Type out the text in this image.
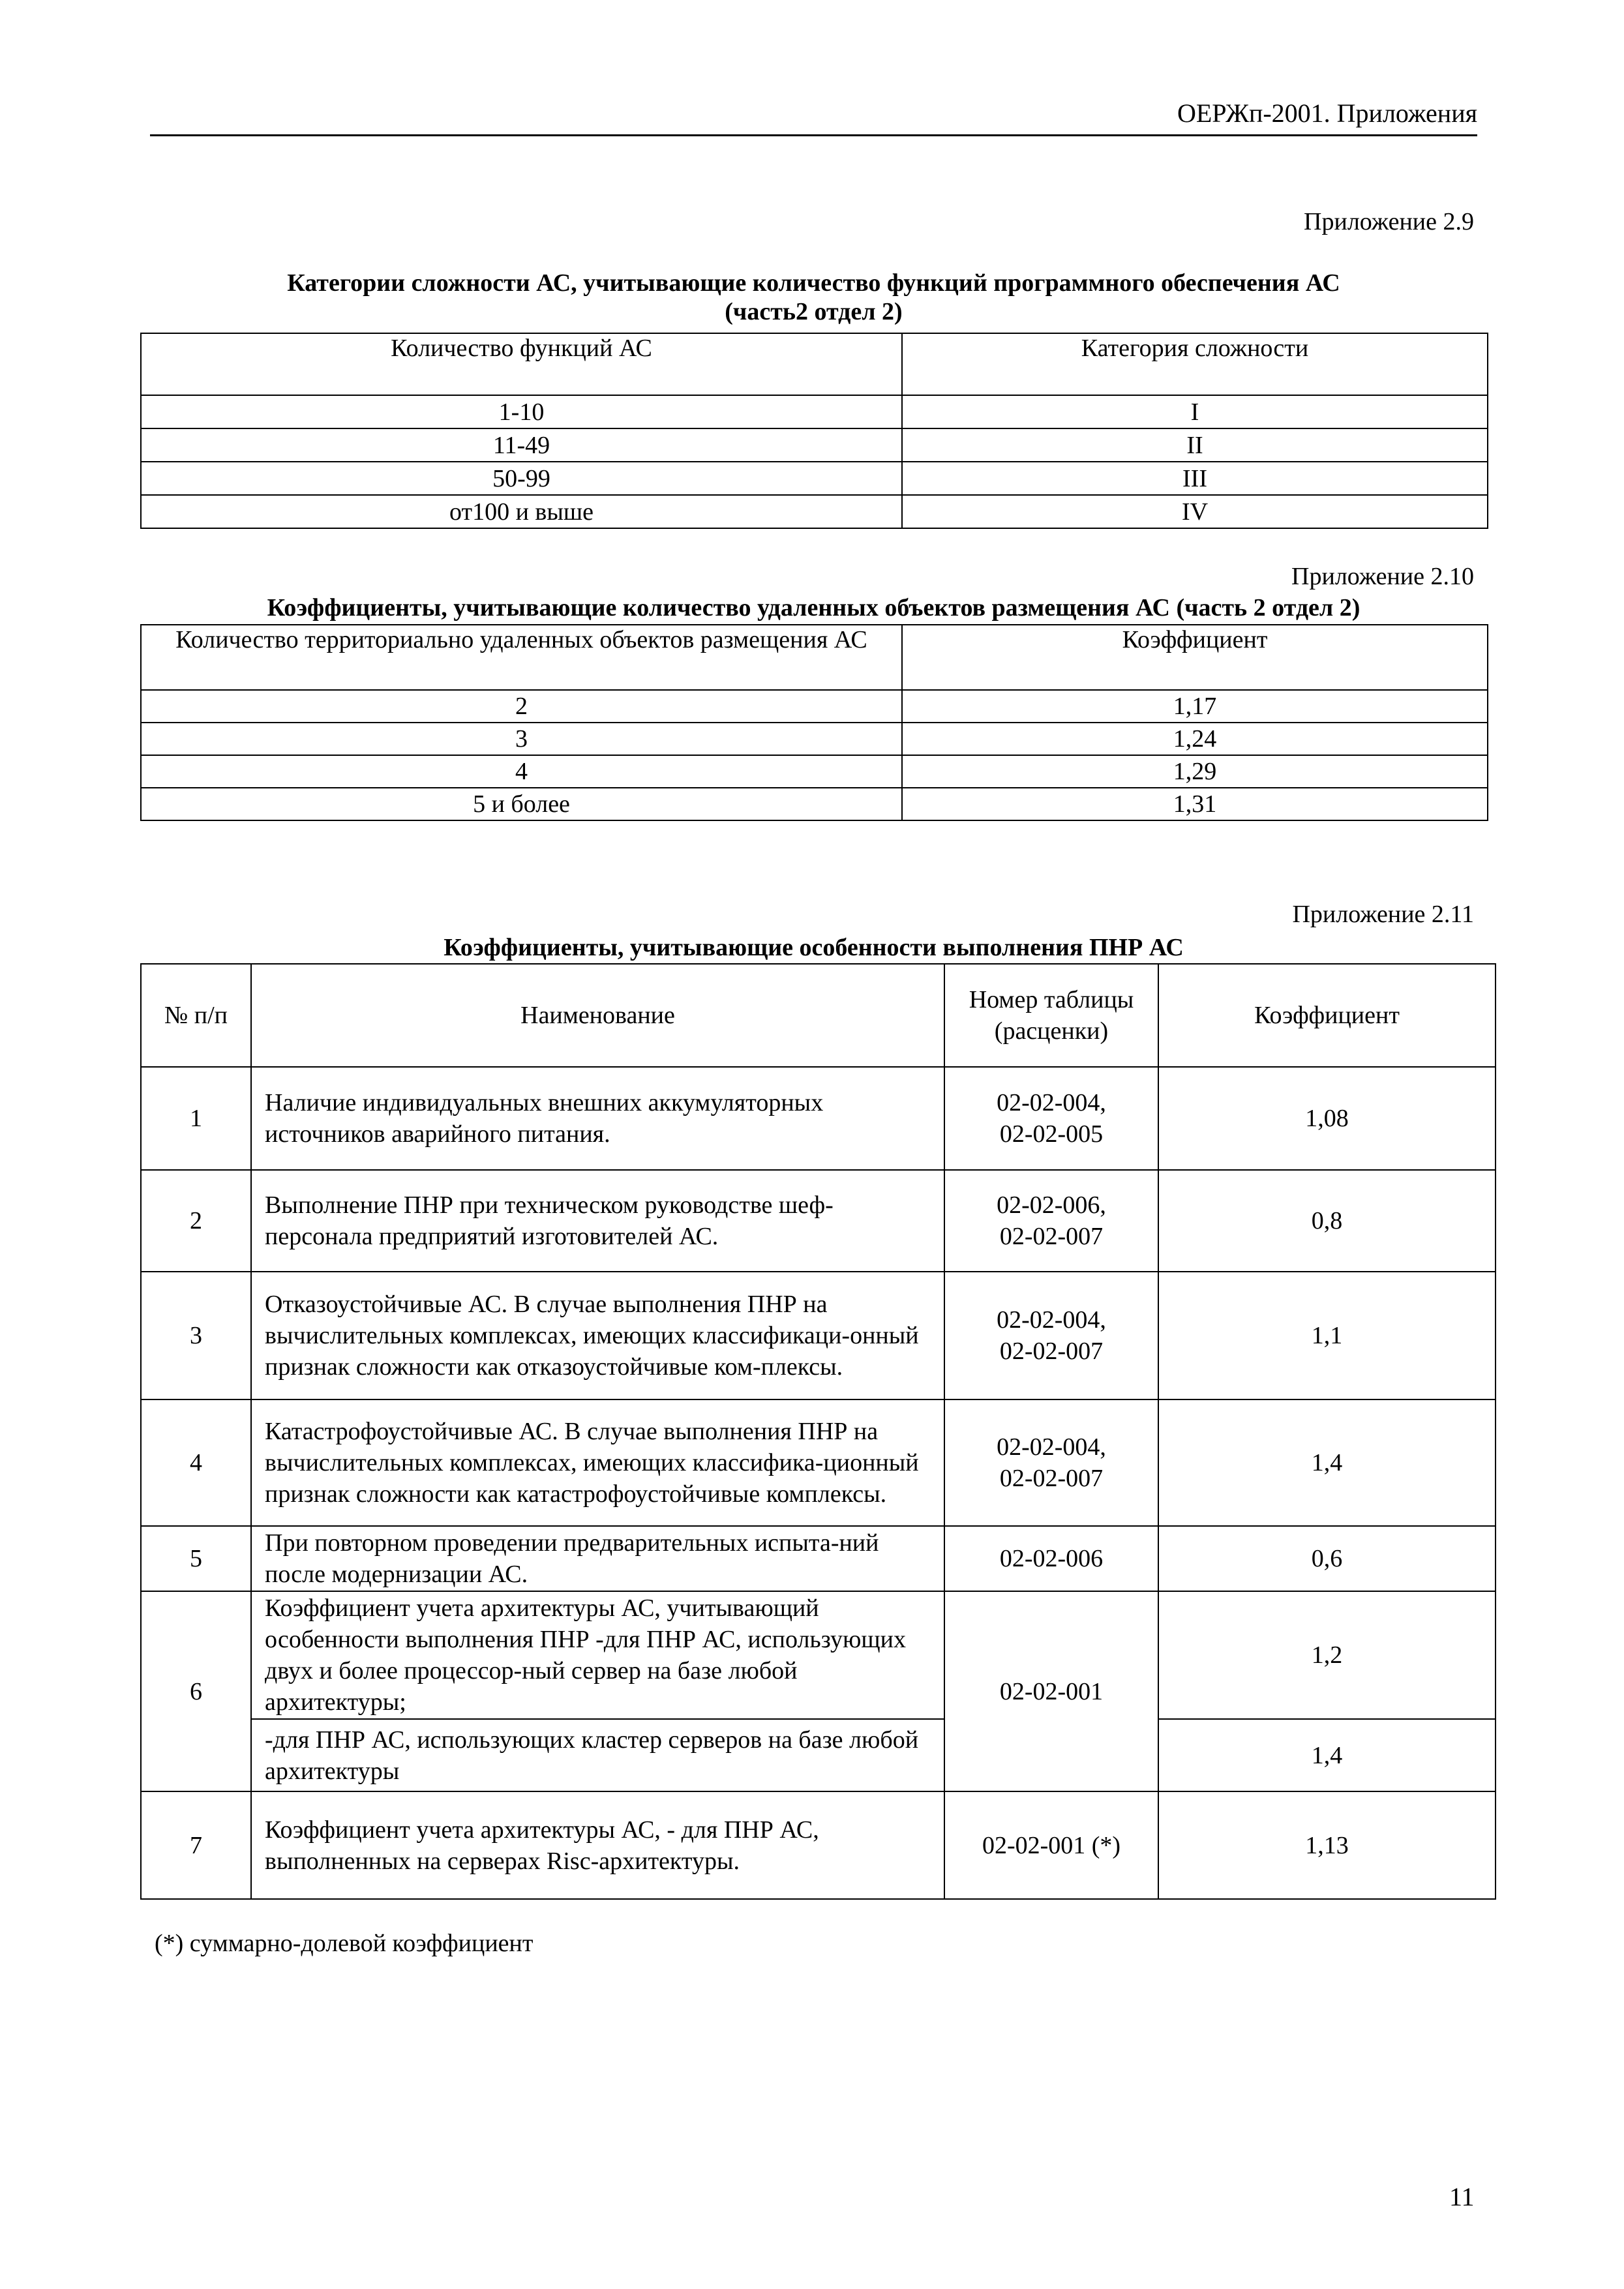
ОЕРЖп-2001. Приложения
Приложение 2.9
Категории сложности АС, учитывающие количество функций программного обеспечения АС
(часть2 отдел 2)
Количество функций АС	Категория сложности
1-10	I
11-49	II
50-99	III
от100 и выше	IV
Приложение 2.10
Коэффициенты, учитывающие количество удаленных объектов размещения АС (часть 2 отдел 2)
Количество территориально удаленных объектов размещения АС	Коэффициент
2	1,17
3	1,24
4	1,29
5 и более	1,31
Приложение 2.11
Коэффициенты, учитывающие особенности выполнения ПНР АС
№ п/п	Наименование	Номер таблицы (расценки)	Коэффициент
1	Наличие индивидуальных внешних аккумуляторных источников аварийного питания.	02-02-004, 02-02-005	1,08
2	Выполнение ПНР при техническом руководстве шеф-персонала предприятий изготовителей АС.	02-02-006, 02-02-007	0,8
3	Отказоустойчивые АС. В случае выполнения ПНР на вычислительных комплексах, имеющих классификаци-онный признак сложности как отказоустойчивые ком-плексы.	02-02-004, 02-02-007	1,1
4	Катастрофоустойчивые АС. В случае выполнения ПНР на вычислительных комплексах, имеющих классифика-ционный признак сложности как катастрофоустойчивые комплексы.	02-02-004, 02-02-007	1,4
5	При повторном проведении предварительных испыта-ний после модернизации АС.	02-02-006	0,6
6	Коэффициент учета архитектуры АС, учитывающий особенности выполнения ПНР -для ПНР АС, использующих двух и более процессор-ный сервер на базе любой архитектуры;	02-02-001	1,2
	-для ПНР АС, использующих кластер серверов на базе любой архитектуры		1,4
7	Коэффициент учета архитектуры АС, - для ПНР АС, выполненных на серверах Risc-архитектуры.	02-02-001 (*)	1,13
(*) суммарно-долевой коэффициент
11
